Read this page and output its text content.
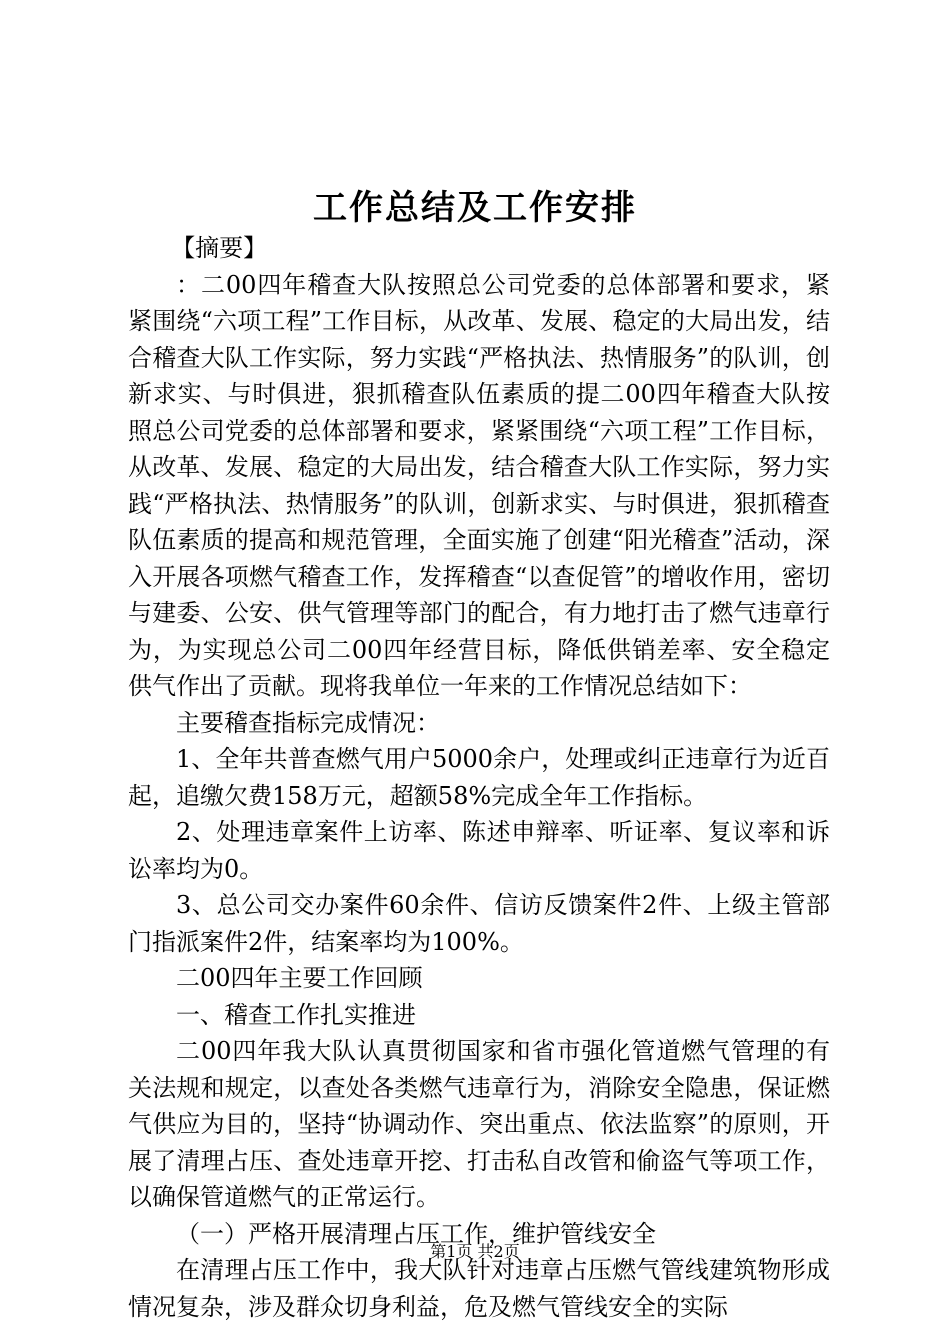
工作总结及工作安排

【摘要】

：二00四年稽查大队按照总公司党委的总体部署和要求，紧紧围绕“六项工程”工作目标，从改革、发展、稳定的大局出发，结合稽查大队工作实际，努力实践“严格执法、热情服务”的队训，创新求实、与时俱进，狠抓稽查队伍素质的提二00四年稽查大队按照总公司党委的总体部署和要求，紧紧围绕“六项工程”工作目标，从改革、发展、稳定的大局出发，结合稽查大队工作实际，努力实践“严格执法、热情服务”的队训，创新求实、与时俱进，狠抓稽查队伍素质的提高和规范管理，全面实施了创建“阳光稽查”活动，深入开展各项燃气稽查工作，发挥稽查“以查促管”的增收作用，密切与建委、公安、供气管理等部门的配合，有力地打击了燃气违章行为，为实现总公司二00四年经营目标，降低供销差率、安全稳定供气作出了贡献。现将我单位一年来的工作情况总结如下：

主要稽查指标完成情况：

1、全年共普查燃气用户5000余户，处理或纠正违章行为近百起，追缴欠费158万元，超额58%完成全年工作指标。

2、处理违章案件上访率、陈述申辩率、听证率、复议率和诉讼率均为0。

3、总公司交办案件60余件、信访反馈案件2件、上级主管部门指派案件2件，结案率均为100%。

二00四年主要工作回顾

一、稽查工作扎实推进

二00四年我大队认真贯彻国家和省市强化管道燃气管理的有关法规和规定，以查处各类燃气违章行为，消除安全隐患，保证燃气供应为目的，坚持“协调动作、突出重点、依法监察”的原则，开展了清理占压、查处违章开挖、打击私自改管和偷盗气等项工作，以确保管道燃气的正常运行。

（一）严格开展清理占压工作，维护管线安全

在清理占压工作中，我大队针对违章占压燃气管线建筑物形成情况复杂，涉及群众切身利益，危及燃气管线安全的实际

第1页 共2页
